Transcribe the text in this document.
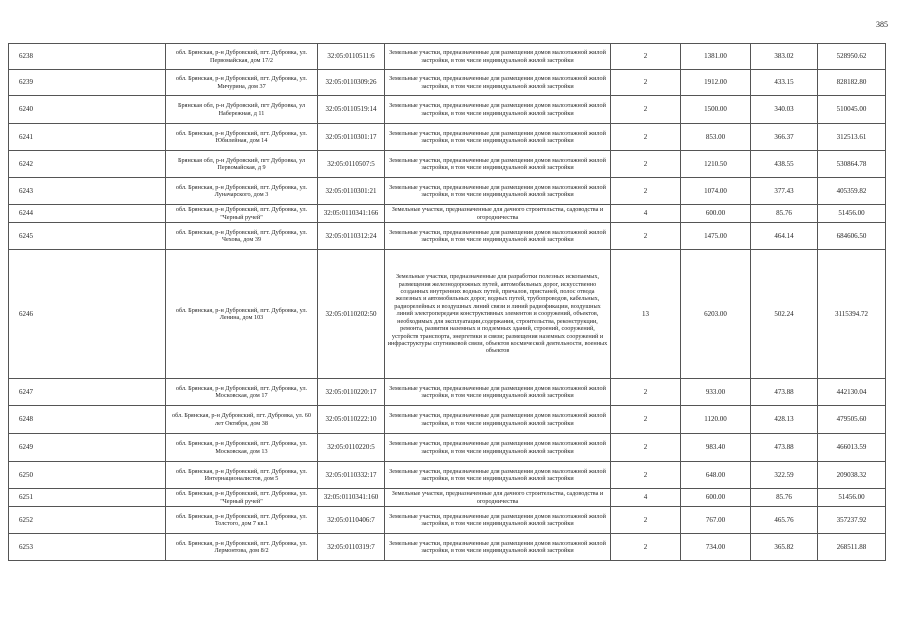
385
6238	обл. Брянская, р-н Дубровский, пгт. Дубровка, ул. Первомайская, дом 17/2	32:05:0110511:6	Земельные участки, предназначенные для размещения домов малоэтажной жилой застройки, в том числе индивидуальной жилой застройки	2	1381.00	383.02	528950.62
6239	обл. Брянская, р-н Дубровский, пгт. Дубровка, ул. Мичурина, дом 37	32:05:0110309:26	Земельные участки, предназначенные для размещения домов малоэтажной жилой застройки, в том числе индивидуальной жилой застройки	2	1912.00	433.15	828182.80
6240	Брянская обл, р-н Дубровский, пгт Дубровка, ул Набережная, д 11	32:05:0110519:14	Земельные участки, предназначенные для размещения домов малоэтажной жилой застройки, в том числе индивидуальной жилой застройки	2	1500.00	340.03	510045.00
6241	обл. Брянская, р-н Дубровский, пгт. Дубровка, ул. Юбилейная, дом 14	32:05:0110301:17	Земельные участки, предназначенные для размещения домов малоэтажной жилой застройки, в том числе индивидуальной жилой застройки	2	853.00	366.37	312513.61
6242	Брянская обл, р-н Дубровский, пгт Дубровка, ул Первомайская, д 9	32:05:0110507:5	Земельные участки, предназначенные для размещения домов малоэтажной жилой застройки, в том числе индивидуальной жилой застройки	2	1210.50	438.55	530864.78
6243	обл. Брянская, р-н Дубровский, пгт. Дубровка, ул. Луначарского, дом 3	32:05:0110301:21	Земельные участки, предназначенные для размещения домов малоэтажной жилой застройки, в том числе индивидуальной жилой застройки	2	1074.00	377.43	405359.82
6244	обл. Брянская, р-н Дубровский, пгт. Дубровка, ул. "Черный ручей"	32:05:0110341:166	Земельные участки, предназначенные для дачного строительства, садоводства и огородничества	4	600.00	85.76	51456.00
6245	обл. Брянская, р-н Дубровский, пгт. Дубровка, ул. Чехова, дом 39	32:05:0110312:24	Земельные участки, предназначенные для размещения домов малоэтажной жилой застройки, в том числе индивидуальной жилой застройки	2	1475.00	464.14	684606.50
6246	обл. Брянская, р-н Дубровский, пгт. Дубровка, ул. Ленина, дом 103	32:05:0110202:50	Земельные участки, предназначенные для разработки полезных ископаемых, размещения железнодорожных путей, автомобильных дорог, искусственно созданных внутренних водных путей, причалов, пристаней, полос отвода железных и автомобильных дорог, водных путей, трубопроводов, кабельных, радиорелейных и воздушных линий связи и линий радиофикации, воздушных линий электропередачи конструктивных элементов и сооружений, объектов, необходимых для эксплуатации,содержания, строительства, реконструкции, ремонта, развития наземных и подземных зданий, строений, сооружений, устройств транспорта, энергетики и связи; размещения наземных сооружений и инфраструктуры спутниковой связи, объектов космической деятельности, военных объектов	13	6203.00	502.24	3115394.72
6247	обл. Брянская, р-н Дубровский, пгт. Дубровка, ул. Московская, дом 17	32:05:0110220:17	Земельные участки, предназначенные для размещения домов малоэтажной жилой застройки, в том числе индивидуальной жилой застройки	2	933.00	473.88	442130.04
6248	обл. Брянская, р-н Дубровский, пгт. Дубровка, ул. 60 лет Октября, дом 38	32:05:0110222:10	Земельные участки, предназначенные для размещения домов малоэтажной жилой застройки, в том числе индивидуальной жилой застройки	2	1120.00	428.13	479505.60
6249	обл. Брянская, р-н Дубровский, пгт. Дубровка, ул. Московская, дом 13	32:05:0110220:5	Земельные участки, предназначенные для размещения домов малоэтажной жилой застройки, в том числе индивидуальной жилой застройки	2	983.40	473.88	466013.59
6250	обл. Брянская, р-н Дубровский, пгт. Дубровка, ул. Интернационалистов, дом 5	32:05:0110332:17	Земельные участки, предназначенные для размещения домов малоэтажной жилой застройки, в том числе индивидуальной жилой застройки	2	648.00	322.59	209038.32
6251	обл. Брянская, р-н Дубровский, пгт. Дубровка, ул. "Черный ручей"	32:05:0110341:160	Земельные участки, предназначенные для дачного строительства, садоводства и огородничества	4	600.00	85.76	51456.00
6252	обл. Брянская, р-н Дубровский, пгт. Дубровка, ул. Толстого, дом 7 кв.1	32:05:0110406:7	Земельные участки, предназначенные для размещения домов малоэтажной жилой застройки, в том числе индивидуальной жилой застройки	2	767.00	465.76	357237.92
6253	обл. Брянская, р-н Дубровский, пгт. Дубровка, ул. Лермонтова, дом 8/2	32:05:0110319:7	Земельные участки, предназначенные для размещения домов малоэтажной жилой застройки, в том числе индивидуальной жилой застройки	2	734.00	365.82	268511.88
